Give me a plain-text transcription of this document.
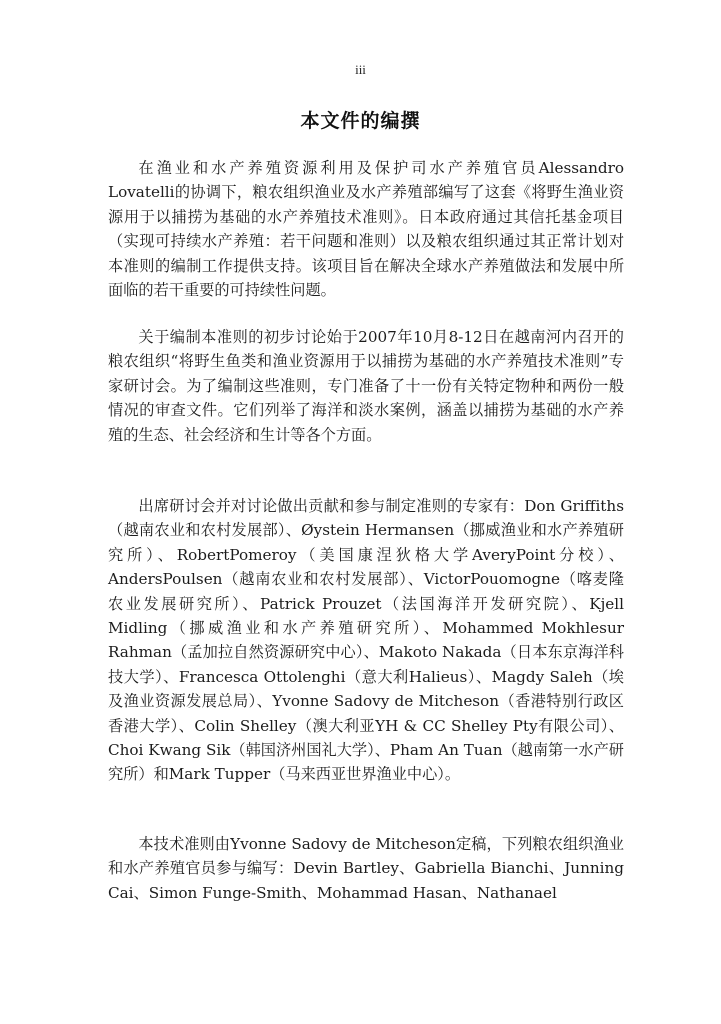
iii
本文件的编撰

在渔业和水产养殖资源利用及保护司水产养殖官员Alessandro Lovatelli的协调下，粮农组织渔业及水产养殖部编写了这套《将野生渔业资源用于以捕捞为基础的水产养殖技术准则》。日本政府通过其信托基金项目（实现可持续水产养殖：若干问题和准则）以及粮农组织通过其正常计划对本准则的编制工作提供支持。该项目旨在解决全球水产养殖做法和发展中所面临的若干重要的可持续性问题。

关于编制本准则的初步讨论始于2007年10月8-12日在越南河内召开的粮农组织“将野生鱼类和渔业资源用于以捕捞为基础的水产养殖技术准则”专家研讨会。为了编制这些准则，专门准备了十一份有关特定物种和两份一般情况的审查文件。它们列举了海洋和淡水案例，涵盖以捕捞为基础的水产养殖的生态、社会经济和生计等各个方面。

出席研讨会并对讨论做出贡献和参与制定准则的专家有：Don Griffiths（越南农业和农村发展部）、Øystein Hermansen（挪威渔业和水产养殖研究所）、RobertPomeroy（美国康涅狄格大学AveryPoint分校）、AndersPoulsen（越南农业和农村发展部）、VictorPouomogne（喀麦隆农业发展研究所）、Patrick Prouzet（法国海洋开发研究院）、Kjell Midling（挪威渔业和水产养殖研究所）、Mohammed Mokhlesur Rahman（孟加拉自然资源研究中心）、Makoto Nakada（日本东京海洋科技大学）、Francesca Ottolenghi（意大利Halieus）、Magdy Saleh（埃及渔业资源发展总局）、Yvonne Sadovy de Mitcheson（香港特别行政区香港大学）、Colin Shelley（澳大利亚YH & CC Shelley Pty有限公司）、Choi Kwang Sik（韩国济州国礼大学）、Pham An Tuan（越南第一水产研究所）和Mark Tupper（马来西亚世界渔业中心）。

本技术准则由Yvonne Sadovy de Mitcheson定稿，下列粮农组织渔业和水产养殖官员参与编写：Devin Bartley、Gabriella Bianchi、Junning Cai、Simon Funge-Smith、Mohammad Hasan、Nathanael
